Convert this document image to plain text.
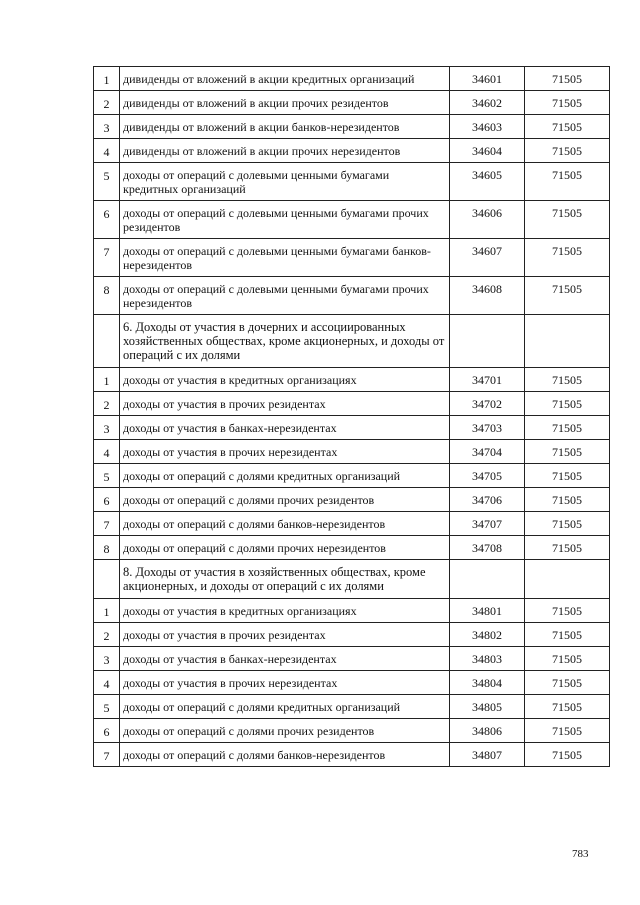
1	дивиденды от вложений в акции кредитных организаций	34601	71505
2	дивиденды от вложений в акции прочих резидентов	34602	71505
3	дивиденды от вложений в акции банков-нерезидентов	34603	71505
4	дивиденды от вложений в акции прочих нерезидентов	34604	71505
5	доходы от операций с долевыми ценными бумагами кредитных организаций	34605	71505
6	доходы от операций с долевыми ценными бумагами прочих резидентов	34606	71505
7	доходы от операций с долевыми ценными бумагами банков-нерезидентов	34607	71505
8	доходы от операций с долевыми ценными бумагами прочих нерезидентов	34608	71505
	6. Доходы от участия в дочерних и ассоциированных хозяйственных обществах, кроме акционерных, и доходы от операций с их долями		
1	доходы от участия в кредитных организациях	34701	71505
2	доходы от участия в прочих резидентах	34702	71505
3	доходы от участия в банках-нерезидентах	34703	71505
4	доходы от участия в прочих нерезидентах	34704	71505
5	доходы от операций с долями кредитных организаций	34705	71505
6	доходы от операций с долями прочих резидентов	34706	71505
7	доходы от операций с долями банков-нерезидентов	34707	71505
8	доходы от операций с долями прочих нерезидентов	34708	71505
	8. Доходы от участия в хозяйственных обществах, кроме акционерных, и доходы от операций с их долями		
1	доходы от участия в кредитных организациях	34801	71505
2	доходы от участия в прочих резидентах	34802	71505
3	доходы от участия в банках-нерезидентах	34803	71505
4	доходы от участия в прочих нерезидентах	34804	71505
5	доходы от операций с долями кредитных организаций	34805	71505
6	доходы от операций с долями прочих резидентов	34806	71505
7	доходы от операций с долями банков-нерезидентов	34807	71505
783
